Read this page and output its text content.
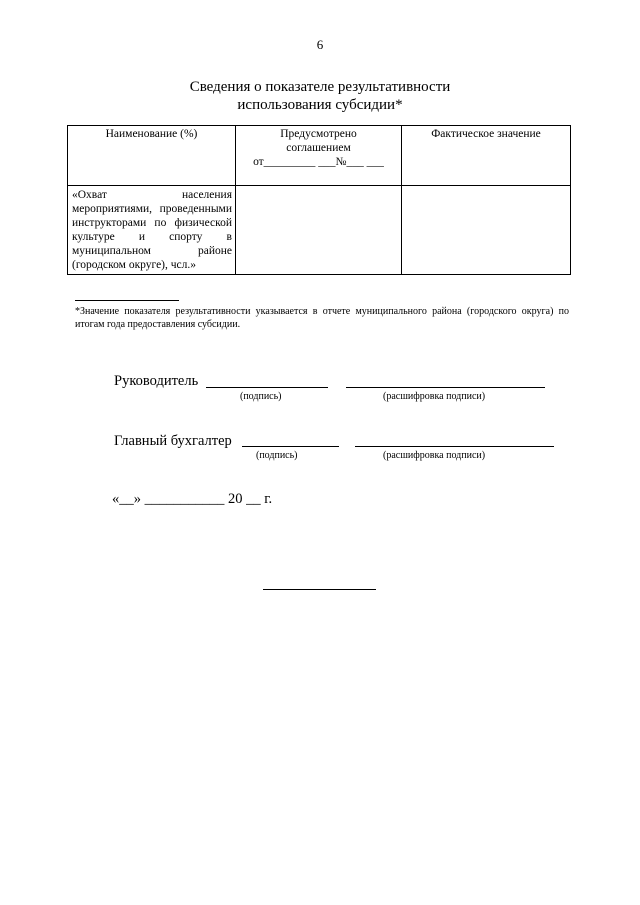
6
Сведения о показателе результативности
использования субсидии*
Наименование (%)	Предусмотрено
соглашением
от_________ ___№___ ___	Фактическое значение

«Охват населения мероприятиями, проведенными инструкторами по физической культуре и спорту в муниципальном районе (городском округе), чсл.»		

*Значение показателя результативности указывается в отчете муниципального района (городского округа) по итогам года предоставления субсидии.
Руководитель
(подпись)	(расшифровка подписи)
Главный бухгалтер
(подпись)	(расшифровка подписи)
«__» ___________ 20 __ г.
